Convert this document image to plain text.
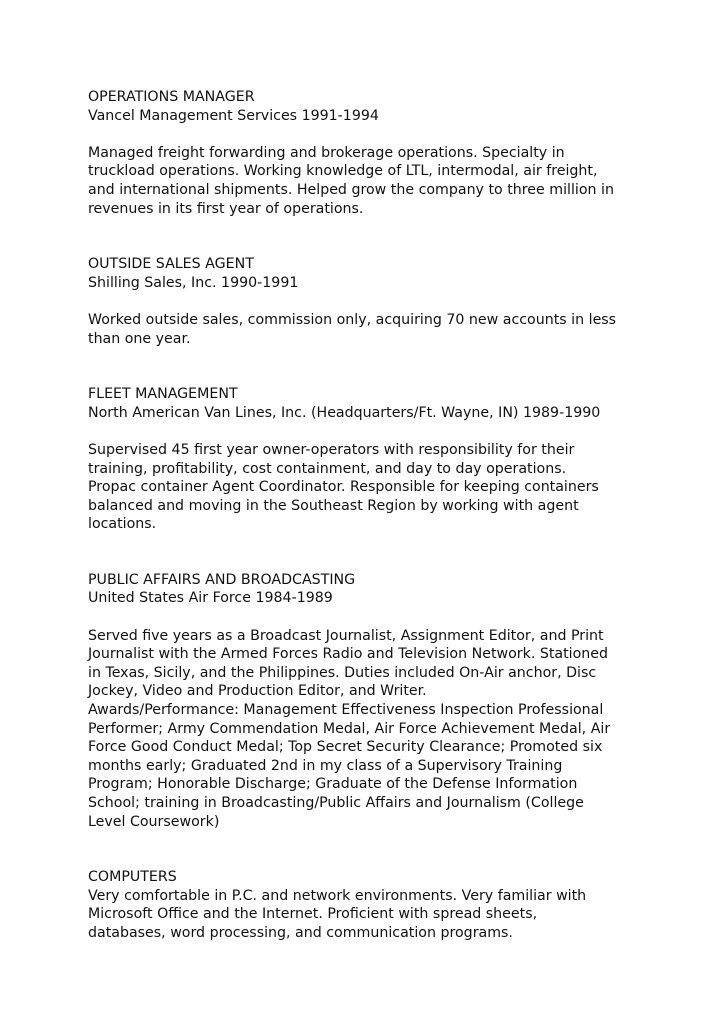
OPERATIONS MANAGER
Vancel Management Services 1991-1994
Managed freight forwarding and brokerage operations. Specialty in
truckload operations. Working knowledge of LTL, intermodal, air freight,
and international shipments. Helped grow the company to three million in
revenues in its first year of operations.
OUTSIDE SALES AGENT
Shilling Sales, Inc. 1990-1991
Worked outside sales, commission only, acquiring 70 new accounts in less
than one year.
FLEET MANAGEMENT
North American Van Lines, Inc. (Headquarters/Ft. Wayne, IN) 1989-1990
Supervised 45 first year owner-operators with responsibility for their
training, profitability, cost containment, and day to day operations.
Propac container Agent Coordinator. Responsible for keeping containers
balanced and moving in the Southeast Region by working with agent
locations.
PUBLIC AFFAIRS AND BROADCASTING
United States Air Force 1984-1989
Served five years as a Broadcast Journalist, Assignment Editor, and Print
Journalist with the Armed Forces Radio and Television Network. Stationed
in Texas, Sicily, and the Philippines. Duties included On-Air anchor, Disc
Jockey, Video and Production Editor, and Writer.
Awards/Performance: Management Effectiveness Inspection Professional
Performer; Army Commendation Medal, Air Force Achievement Medal, Air
Force Good Conduct Medal; Top Secret Security Clearance; Promoted six
months early; Graduated 2nd in my class of a Supervisory Training
Program; Honorable Discharge; Graduate of the Defense Information
School; training in Broadcasting/Public Affairs and Journalism (College
Level Coursework)
COMPUTERS
Very comfortable in P.C. and network environments. Very familiar with
Microsoft Office and the Internet. Proficient with spread sheets,
databases, word processing, and communication programs.
